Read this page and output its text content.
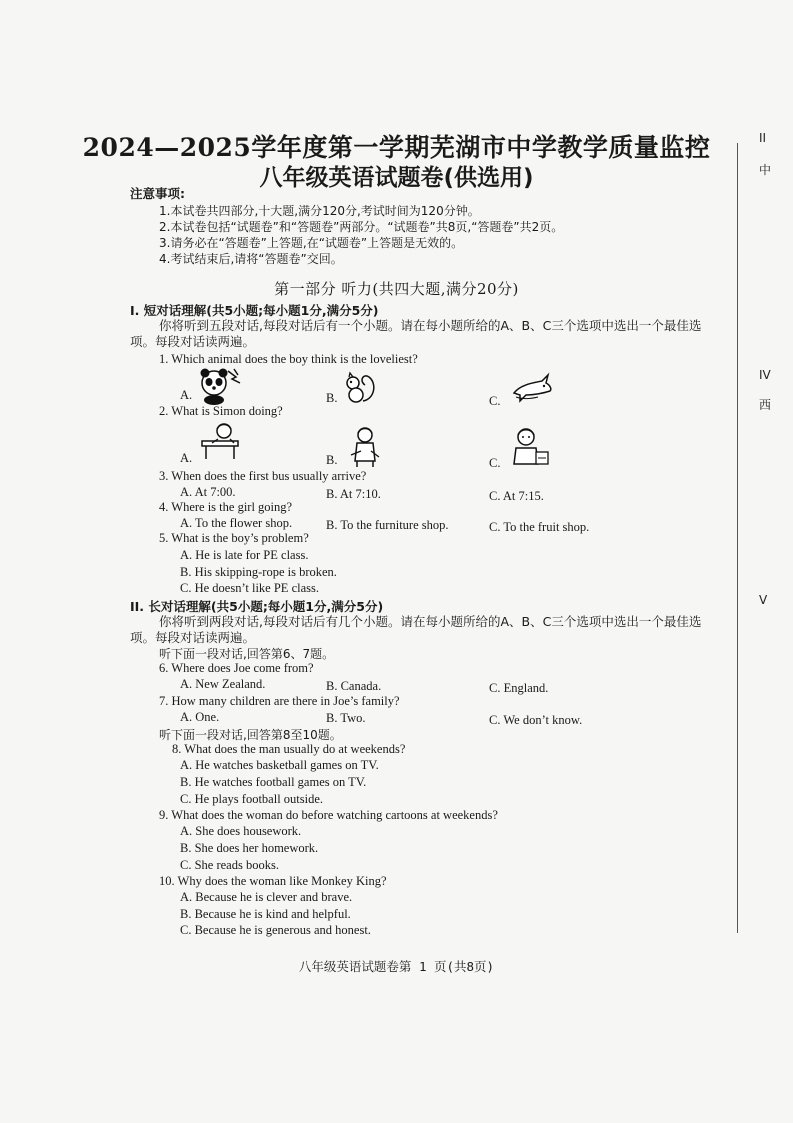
2024—2025学年度第一学期芜湖市中学教学质量监控
八年级英语试题卷(供选用)
注意事项:
1.本试卷共四部分,十大题,满分120分,考试时间为120分钟。
2.本试卷包括“试题卷”和“答题卷”两部分。“试题卷”共8页,“答题卷”共2页。
3.请务必在“答题卷”上答题,在“试题卷”上答题是无效的。
4.考试结束后,请将“答题卷”交回。
第一部分 听力(共四大题,满分20分)
I. 短对话理解(共5小题;每小题1分,满分5分)
你将听到五段对话,每段对话后有一个小题。请在每小题所给的A、B、C三个选项中选出一个最佳选项。每段对话读两遍。
1. Which animal does the boy think is the loveliest?
A.	B.	C.
2. What is Simon doing?
A.	B.	C.
3. When does the first bus usually arrive?
A. At 7:00.	B. At 7:10.	C. At 7:15.
4. Where is the girl going?
A. To the flower shop.	B. To the furniture shop.	C. To the fruit shop.
5. What is the boy’s problem?
A. He is late for PE class.
B. His skipping-rope is broken.
C. He doesn’t like PE class.
II. 长对话理解(共5小题;每小题1分,满分5分)
你将听到两段对话,每段对话后有几个小题。请在每小题所给的A、B、C三个选项中选出一个最佳选项。每段对话读两遍。
听下面一段对话,回答第6、7题。
6. Where does Joe come from?
A. New Zealand.	B. Canada.	C. England.
7. How many children are there in Joe’s family?
A. One.	B. Two.	C. We don’t know.
听下面一段对话,回答第8至10题。
8. What does the man usually do at weekends?
A. He watches basketball games on TV.
B. He watches football games on TV.
C. He plays football outside.
9. What does the woman do before watching cartoons at weekends?
A. She does housework.
B. She does her homework.
C. She reads books.
10. Why does the woman like Monkey King?
A. Because he is clever and brave.
B. Because he is kind and helpful.
C. Because he is generous and honest.
八年级英语试题卷第 1 页(共8页)
II
中
IV
西
V
